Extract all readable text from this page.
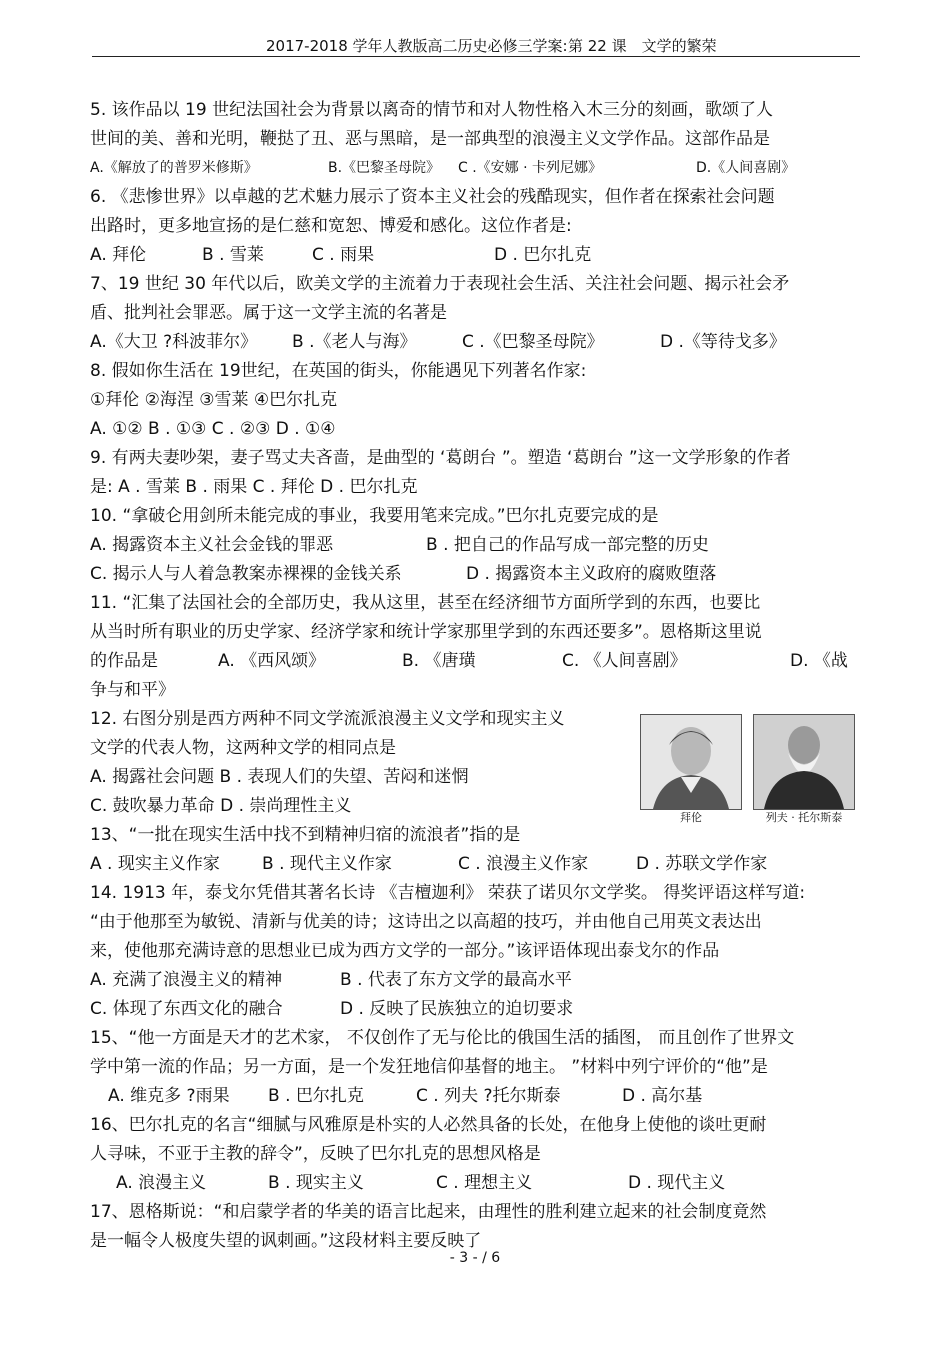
2017-2018 学年人教版高二历史必修三学案: 第 22 课　文学的繁荣
5. 该作品以 19 世纪法国社会为背景以离奇的情节和对人物性格入木三分的刻画，歌颂了人
世间的美、善和光明，鞭挞了丑、恶与黑暗，是一部典型的浪漫主义文学作品。这部作品是
A.《解放了的普罗米修斯》	B.《巴黎圣母院》 C .《安娜 · 卡列尼娜》	D.《人间喜剧》
6. 《悲惨世界》以卓越的艺术魅力展示了资本主义社会的残酷现实，但作者在探索社会问题
出路时，更多地宣扬的是仁慈和宽恕、博爱和感化。这位作者是:
A. 拜伦	B . 雪莱	C . 雨果	D . 巴尔扎克
7、19 世纪 30 年代以后，欧美文学的主流着力于表现社会生活、关注社会问题、揭示社会矛
盾、批判社会罪恶。属于这一文学主流的名著是
A.《大卫 ?科波菲尔》 B .《老人与海》	C .《巴黎圣母院》	D .《等待戈多》
8. 假如你生活在 19世纪，在英国的街头，你能遇见下列著名作家:
①拜伦 ②海涅 ③雪莱 ④巴尔扎克
A. ①② B . ①③ C . ②③ D . ①④
9. 有两夫妻吵架，妻子骂丈夫吝啬，是曲型的 ‘葛朗台 ”。塑造 ‘葛朗台 ”这一文学形象的作者
是: A . 雪莱 B . 雨果 C . 拜伦 D . 巴尔扎克
10. “拿破仑用剑所未能完成的事业，我要用笔来完成。”巴尔扎克要完成的是
A. 揭露资本主义社会金钱的罪恶	B . 把自己的作品写成一部完整的历史
C. 揭示人与人着急教案赤裸裸的金钱关系	D . 揭露资本主义政府的腐败堕落
11. “汇集了法国社会的全部历史，我从这里，甚至在经济细节方面所学到的东西，也要比
从当时所有职业的历史学家、经济学家和统计学家那里学到的东西还要多”。恩格斯这里说
的作品是	A. 《西风颂》	B. 《唐璜	C. 《人间喜剧》	D. 《战
争与和平》
12. 右图分别是西方两种不同文学流派浪漫主义文学和现实主义
文学的代表人物，这两种文学的相同点是
A. 揭露社会问题 B . 表现人们的失望、苦闷和迷惘
C. 鼓吹暴力革命 D . 崇尚理性主义
13、“一批在现实生活中找不到精神归宿的流浪者”指的是
A . 现实主义作家 B . 现代主义作家	C . 浪漫主义作家	D . 苏联文学作家
14. 1913 年，泰戈尔凭借其著名长诗 《吉檀迦利》 荣获了诺贝尔文学奖。 得奖评语这样写道:
“由于他那至为敏锐、清新与优美的诗；这诗出之以高超的技巧，并由他自己用英文表达出
来，使他那充满诗意的思想业已成为西方文学的一部分。”该评语体现出泰戈尔的作品
A. 充满了浪漫主义的精神	B . 代表了东方文学的最高水平
C. 体现了东西文化的融合	D . 反映了民族独立的迫切要求
15、“他一方面是天才的艺术家， 不仅创作了无与伦比的俄国生活的插图， 而且创作了世界文
学中第一流的作品；另一方面，是一个发狂地信仰基督的地主。 ”材料中列宁评价的“他”是
A. 维克多 ?雨果 B . 巴尔扎克	C . 列夫 ?托尔斯泰	D . 高尔基
16、巴尔扎克的名言“细腻与风雅原是朴实的人必然具备的长处，在他身上使他的谈吐更耐
人寻味，不亚于主教的辞令”，反映了巴尔扎克的思想风格是
A. 浪漫主义	B . 现实主义	C . 理想主义	D . 现代主义
17、恩格斯说：“和启蒙学者的华美的语言比起来，由理性的胜利建立起来的社会制度竟然
是一幅令人极度失望的讽刺画。”这段材料主要反映了
拜伦	列夫 · 托尔斯泰
- 3 - / 6
